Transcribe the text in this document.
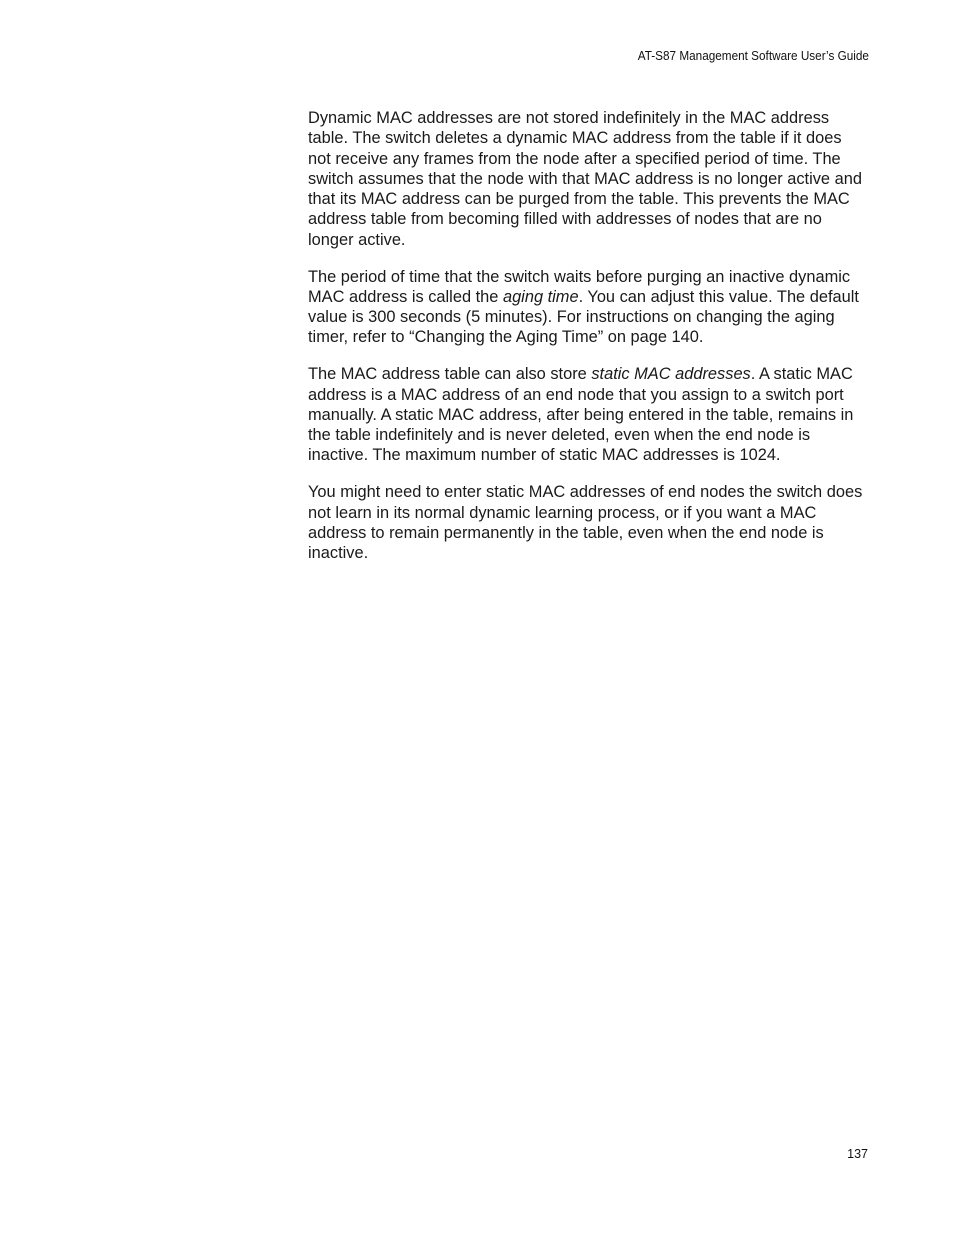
AT-S87 Management Software User’s Guide

Dynamic MAC addresses are not stored indefinitely in the MAC address table. The switch deletes a dynamic MAC address from the table if it does not receive any frames from the node after a specified period of time. The switch assumes that the node with that MAC address is no longer active and that its MAC address can be purged from the table. This prevents the MAC address table from becoming filled with addresses of nodes that are no longer active.

The period of time that the switch waits before purging an inactive dynamic MAC address is called the aging time. You can adjust this value. The default value is 300 seconds (5 minutes). For instructions on changing the aging timer, refer to “Changing the Aging Time” on page 140.

The MAC address table can also store static MAC addresses. A static MAC address is a MAC address of an end node that you assign to a switch port manually. A static MAC address, after being entered in the table, remains in the table indefinitely and is never deleted, even when the end node is inactive. The maximum number of static MAC addresses is 1024.

You might need to enter static MAC addresses of end nodes the switch does not learn in its normal dynamic learning process, or if you want a MAC address to remain permanently in the table, even when the end node is inactive.

137
